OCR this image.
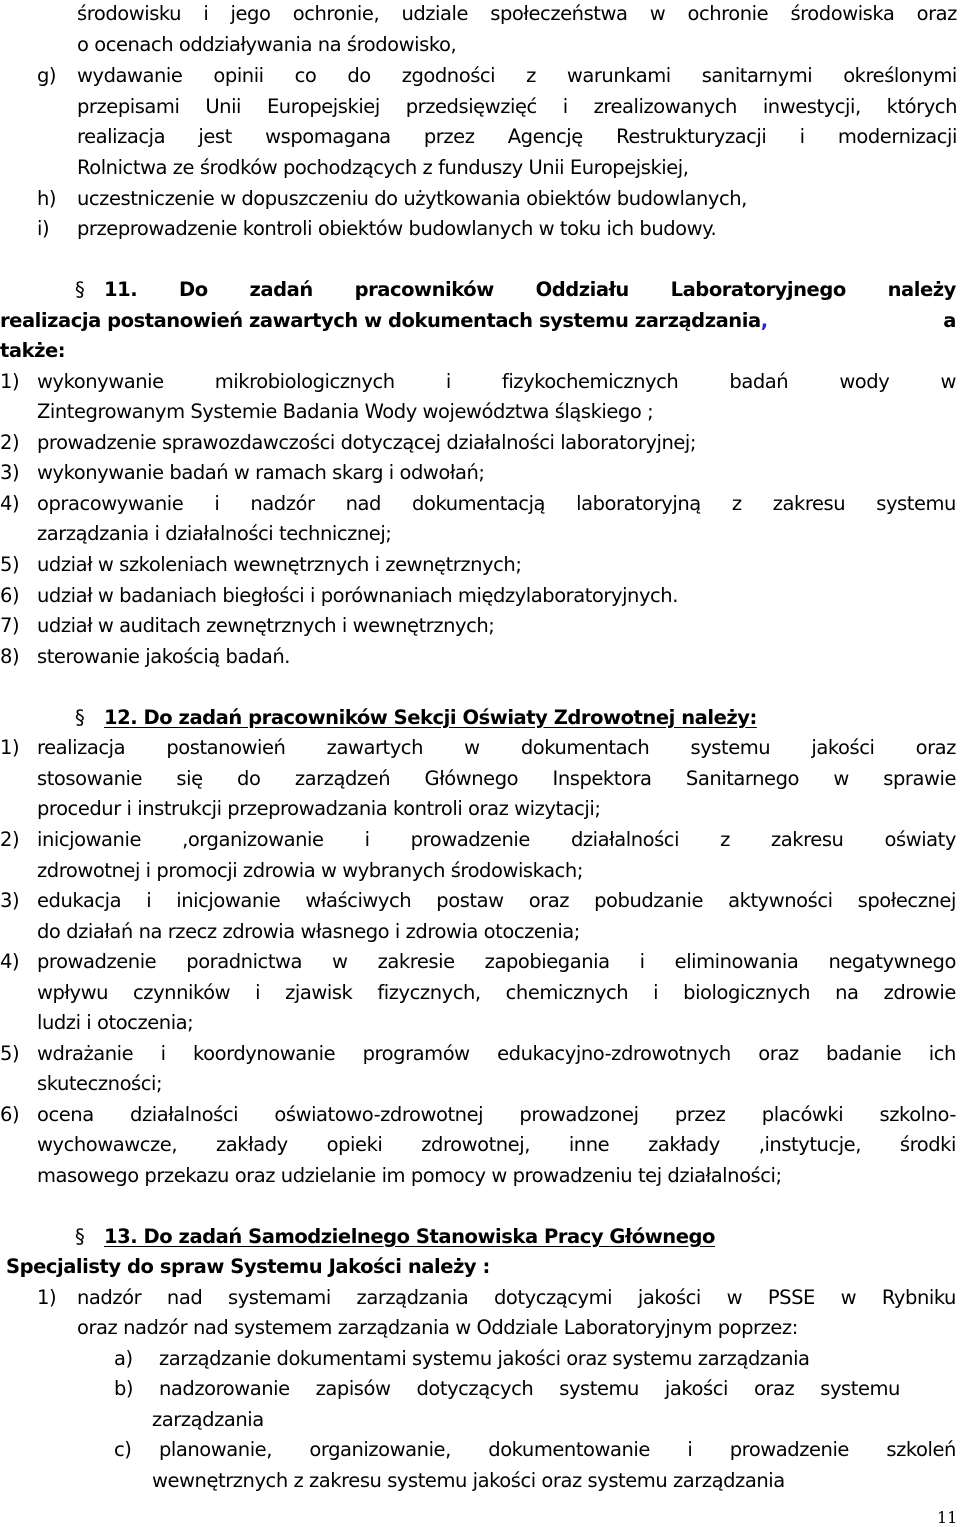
środowisku i jego ochronie, udziale społeczeństwa w ochronie środowiska oraz
o ocenach oddziaływania na środowisko,
g) wydawanie opinii co do zgodności z warunkami sanitarnymi określonymi
przepisami Unii Europejskiej przedsięwzięć i zrealizowanych inwestycji, których
realizacja jest wspomagana przez Agencję Restrukturyzacji i modernizacji
Rolnictwa ze środków pochodzących z funduszy Unii Europejskiej,
h) uczestniczenie w dopuszczeniu do użytkowania obiektów budowlanych,
i) przeprowadzenie kontroli obiektów budowlanych w toku ich budowy.
§ 11. Do zadań pracowników Oddziału Laboratoryjnego należy
realizacja postanowień zawartych w dokumentach systemu zarządzania,	a
także:
1) wykonywanie	mikrobiologicznych	i	fizykochemicznych	badań	wody	w
Zintegrowanym Systemie Badania Wody województwa śląskiego ;
2) prowadzenie sprawozdawczości dotyczącej działalności laboratoryjnej;
3) wykonywanie badań w ramach skarg i odwołań;
4) opracowywanie i nadzór nad dokumentacją laboratoryjną z zakresu systemu
zarządzania i działalności technicznej;
5) udział w szkoleniach wewnętrznych i zewnętrznych;
6) udział w badaniach biegłości i porównaniach międzylaboratoryjnych.
7) udział w auditach zewnętrznych i wewnętrznych;
8) sterowanie jakością badań.
§ 12. Do zadań pracowników Sekcji Oświaty Zdrowotnej należy:
1) realizacja postanowień zawartych w dokumentach systemu jakości oraz
stosowanie się do zarządzeń Głównego Inspektora Sanitarnego w sprawie
procedur i instrukcji przeprowadzania kontroli oraz wizytacji;
2) inicjowanie ,organizowanie i prowadzenie działalności z zakresu oświaty
zdrowotnej i promocji zdrowia w wybranych środowiskach;
3) edukacja i inicjowanie właściwych postaw oraz pobudzanie aktywności społecznej
do działań na rzecz zdrowia własnego i zdrowia otoczenia;
4) prowadzenie poradnictwa w zakresie zapobiegania i eliminowania negatywnego
wpływu czynników i zjawisk fizycznych, chemicznych i biologicznych na zdrowie
ludzi i otoczenia;
5) wdrażanie i koordynowanie programów edukacyjno-zdrowotnych oraz badanie ich
skuteczności;
6) ocena działalności oświatowo-zdrowotnej prowadzonej przez placówki szkolno-
wychowawcze, zakłady opieki zdrowotnej, inne zakłady ,instytucje, środki
masowego przekazu oraz udzielanie im pomocy w prowadzeniu tej działalności;
§ 13. Do zadań Samodzielnego Stanowiska Pracy Głównego
Specjalisty do spraw Systemu Jakości należy :
1) nadzór nad systemami zarządzania dotyczącymi jakości w PSSE w Rybniku
oraz nadzór nad systemem zarządzania w Oddziale Laboratoryjnym poprzez:
a) zarządzanie dokumentami systemu jakości oraz systemu zarządzania
b) nadzorowanie zapisów dotyczących systemu jakości oraz systemu
zarządzania
c) planowanie, organizowanie, dokumentowanie i prowadzenie szkoleń
wewnętrznych z zakresu systemu jakości oraz systemu zarządzania
11
